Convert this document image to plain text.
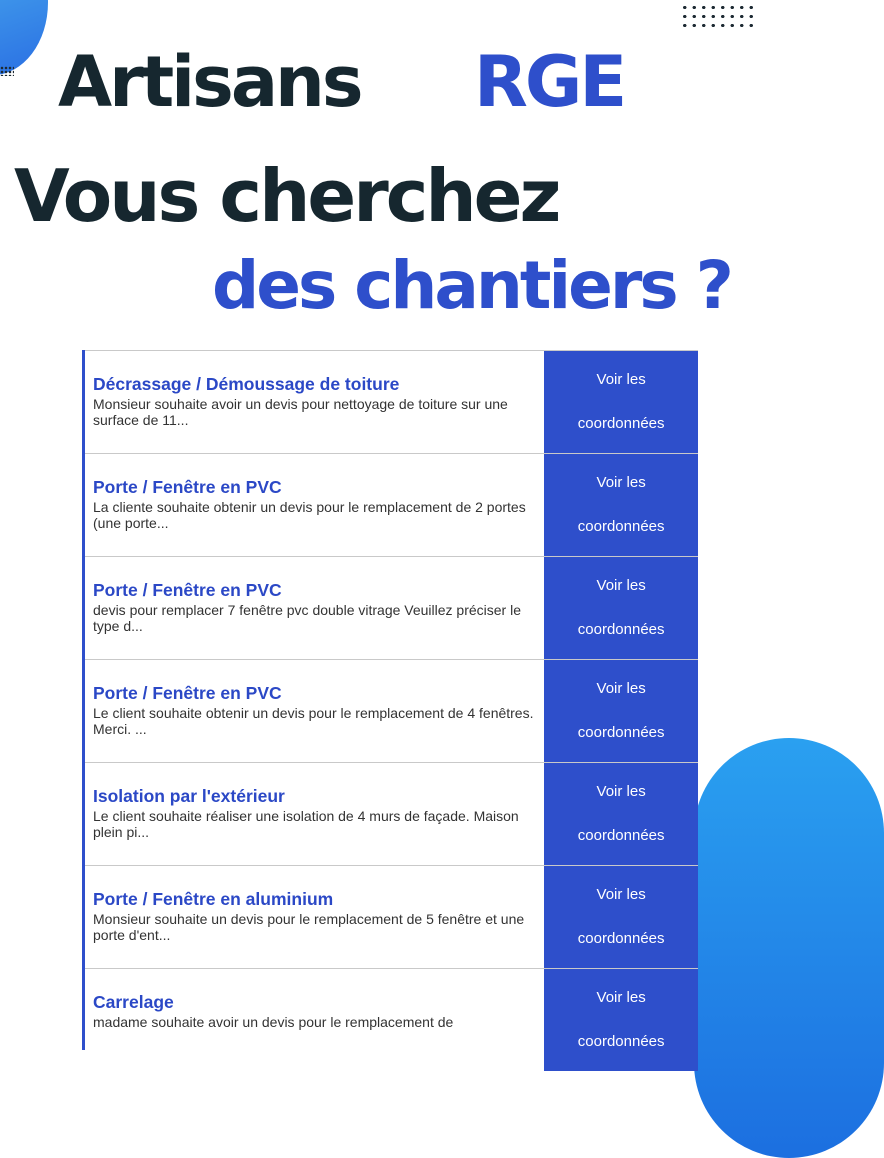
Artisans RGE
Vous cherchez
des chantiers ?
Décrassage / Démoussage de toiture
Monsieur souhaite avoir un devis pour nettoyage de toiture sur une surface de 11...
Voir les
coordonnées
Porte / Fenêtre en PVC
La cliente souhaite obtenir un devis pour le remplacement de 2 portes (une porte...
Voir les
coordonnées
Porte / Fenêtre en PVC
devis pour remplacer 7 fenêtre pvc double vitrage Veuillez préciser le type d...
Voir les
coordonnées
Porte / Fenêtre en PVC
Le client souhaite obtenir un devis pour le remplacement de 4 fenêtres. Merci. ...
Voir les
coordonnées
Isolation par l'extérieur
Le client souhaite réaliser une isolation de 4 murs de façade. Maison plein pi...
Voir les
coordonnées
Porte / Fenêtre en aluminium
Monsieur souhaite un devis pour le remplacement de 5 fenêtre et une porte d'ent...
Voir les
coordonnées
Carrelage
madame souhaite avoir un devis pour le remplacement de
Voir les
coordonnées
